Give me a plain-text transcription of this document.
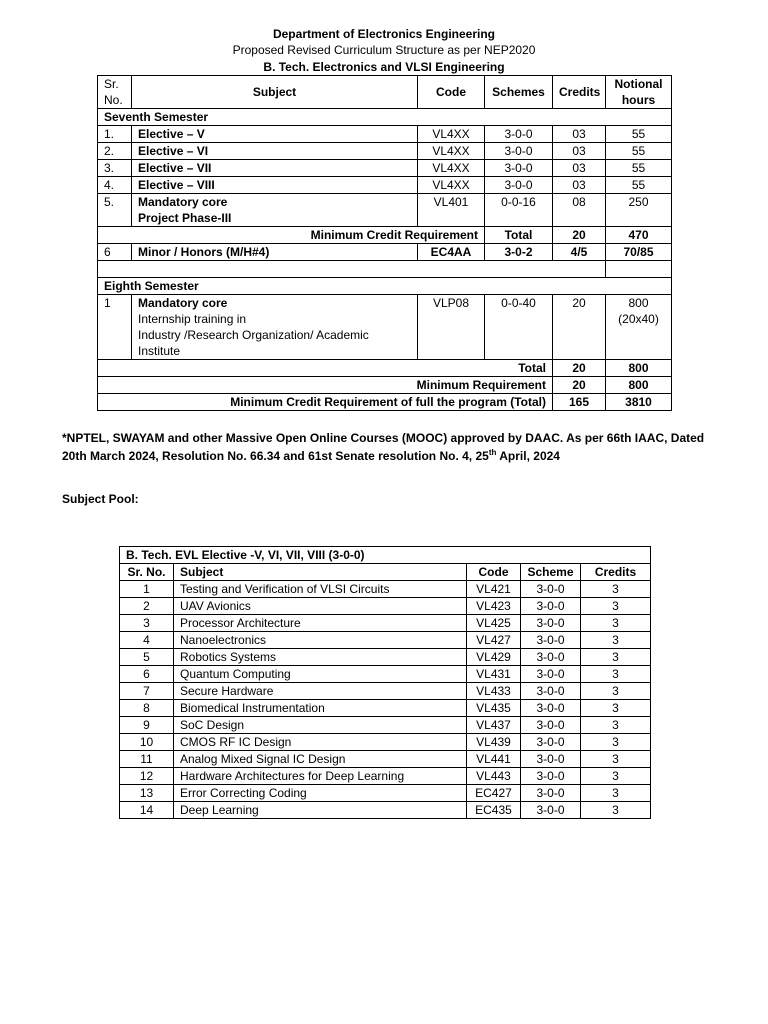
Department of Electronics Engineering
Proposed Revised Curriculum Structure as per NEP2020
B. Tech. Electronics and VLSI Engineering
Sr.
No.	Subject	Code	Schemes	Credits	Notional
hours
Seventh Semester					
1.	Elective – V	VL4XX	3-0-0	03	55
2.	Elective – VI	VL4XX	3-0-0	03	55
3.	Elective – VII	VL4XX	3-0-0	03	55
4.	Elective – VIII	VL4XX	3-0-0	03	55
5.	Mandatory core
Project Phase-III	VL401	0-0-16	08	250
Minimum Credit Requirement			Total	20	470
6	Minor / Honors (M/H#4)	EC4AA	3-0-2	4/5	70/85

Eighth Semester					
1	Mandatory core
Internship training in
Industry /Research Organization/ Academic
Institute	VLP08	0-0-40	20	800
(20x40)
Total				20	800
Minimum Requirement				20	800
Minimum Credit Requirement of full the program (Total)				165	3810
*NPTEL, SWAYAM and other Massive Open Online Courses (MOOC) approved by DAAC. As per 66th IAAC, Dated 20th March 2024, Resolution No. 66.34 and 61st Senate resolution No. 4, 25th April, 2024
Subject Pool:
B. Tech. EVL Elective -V, VI, VII, VIII (3-0-0)				
Sr. No.	Subject	Code	Scheme	Credits
1	Testing and Verification of VLSI Circuits	VL421	3-0-0	3
2	UAV Avionics	VL423	3-0-0	3
3	Processor Architecture	VL425	3-0-0	3
4	Nanoelectronics	VL427	3-0-0	3
5	Robotics Systems	VL429	3-0-0	3
6	Quantum Computing	VL431	3-0-0	3
7	Secure Hardware	VL433	3-0-0	3
8	Biomedical Instrumentation	VL435	3-0-0	3
9	SoC Design	VL437	3-0-0	3
10	CMOS RF IC Design	VL439	3-0-0	3
11	Analog Mixed Signal IC Design	VL441	3-0-0	3
12	Hardware Architectures for Deep Learning	VL443	3-0-0	3
13	Error Correcting Coding	EC427	3-0-0	3
14	Deep Learning	EC435	3-0-0	3
